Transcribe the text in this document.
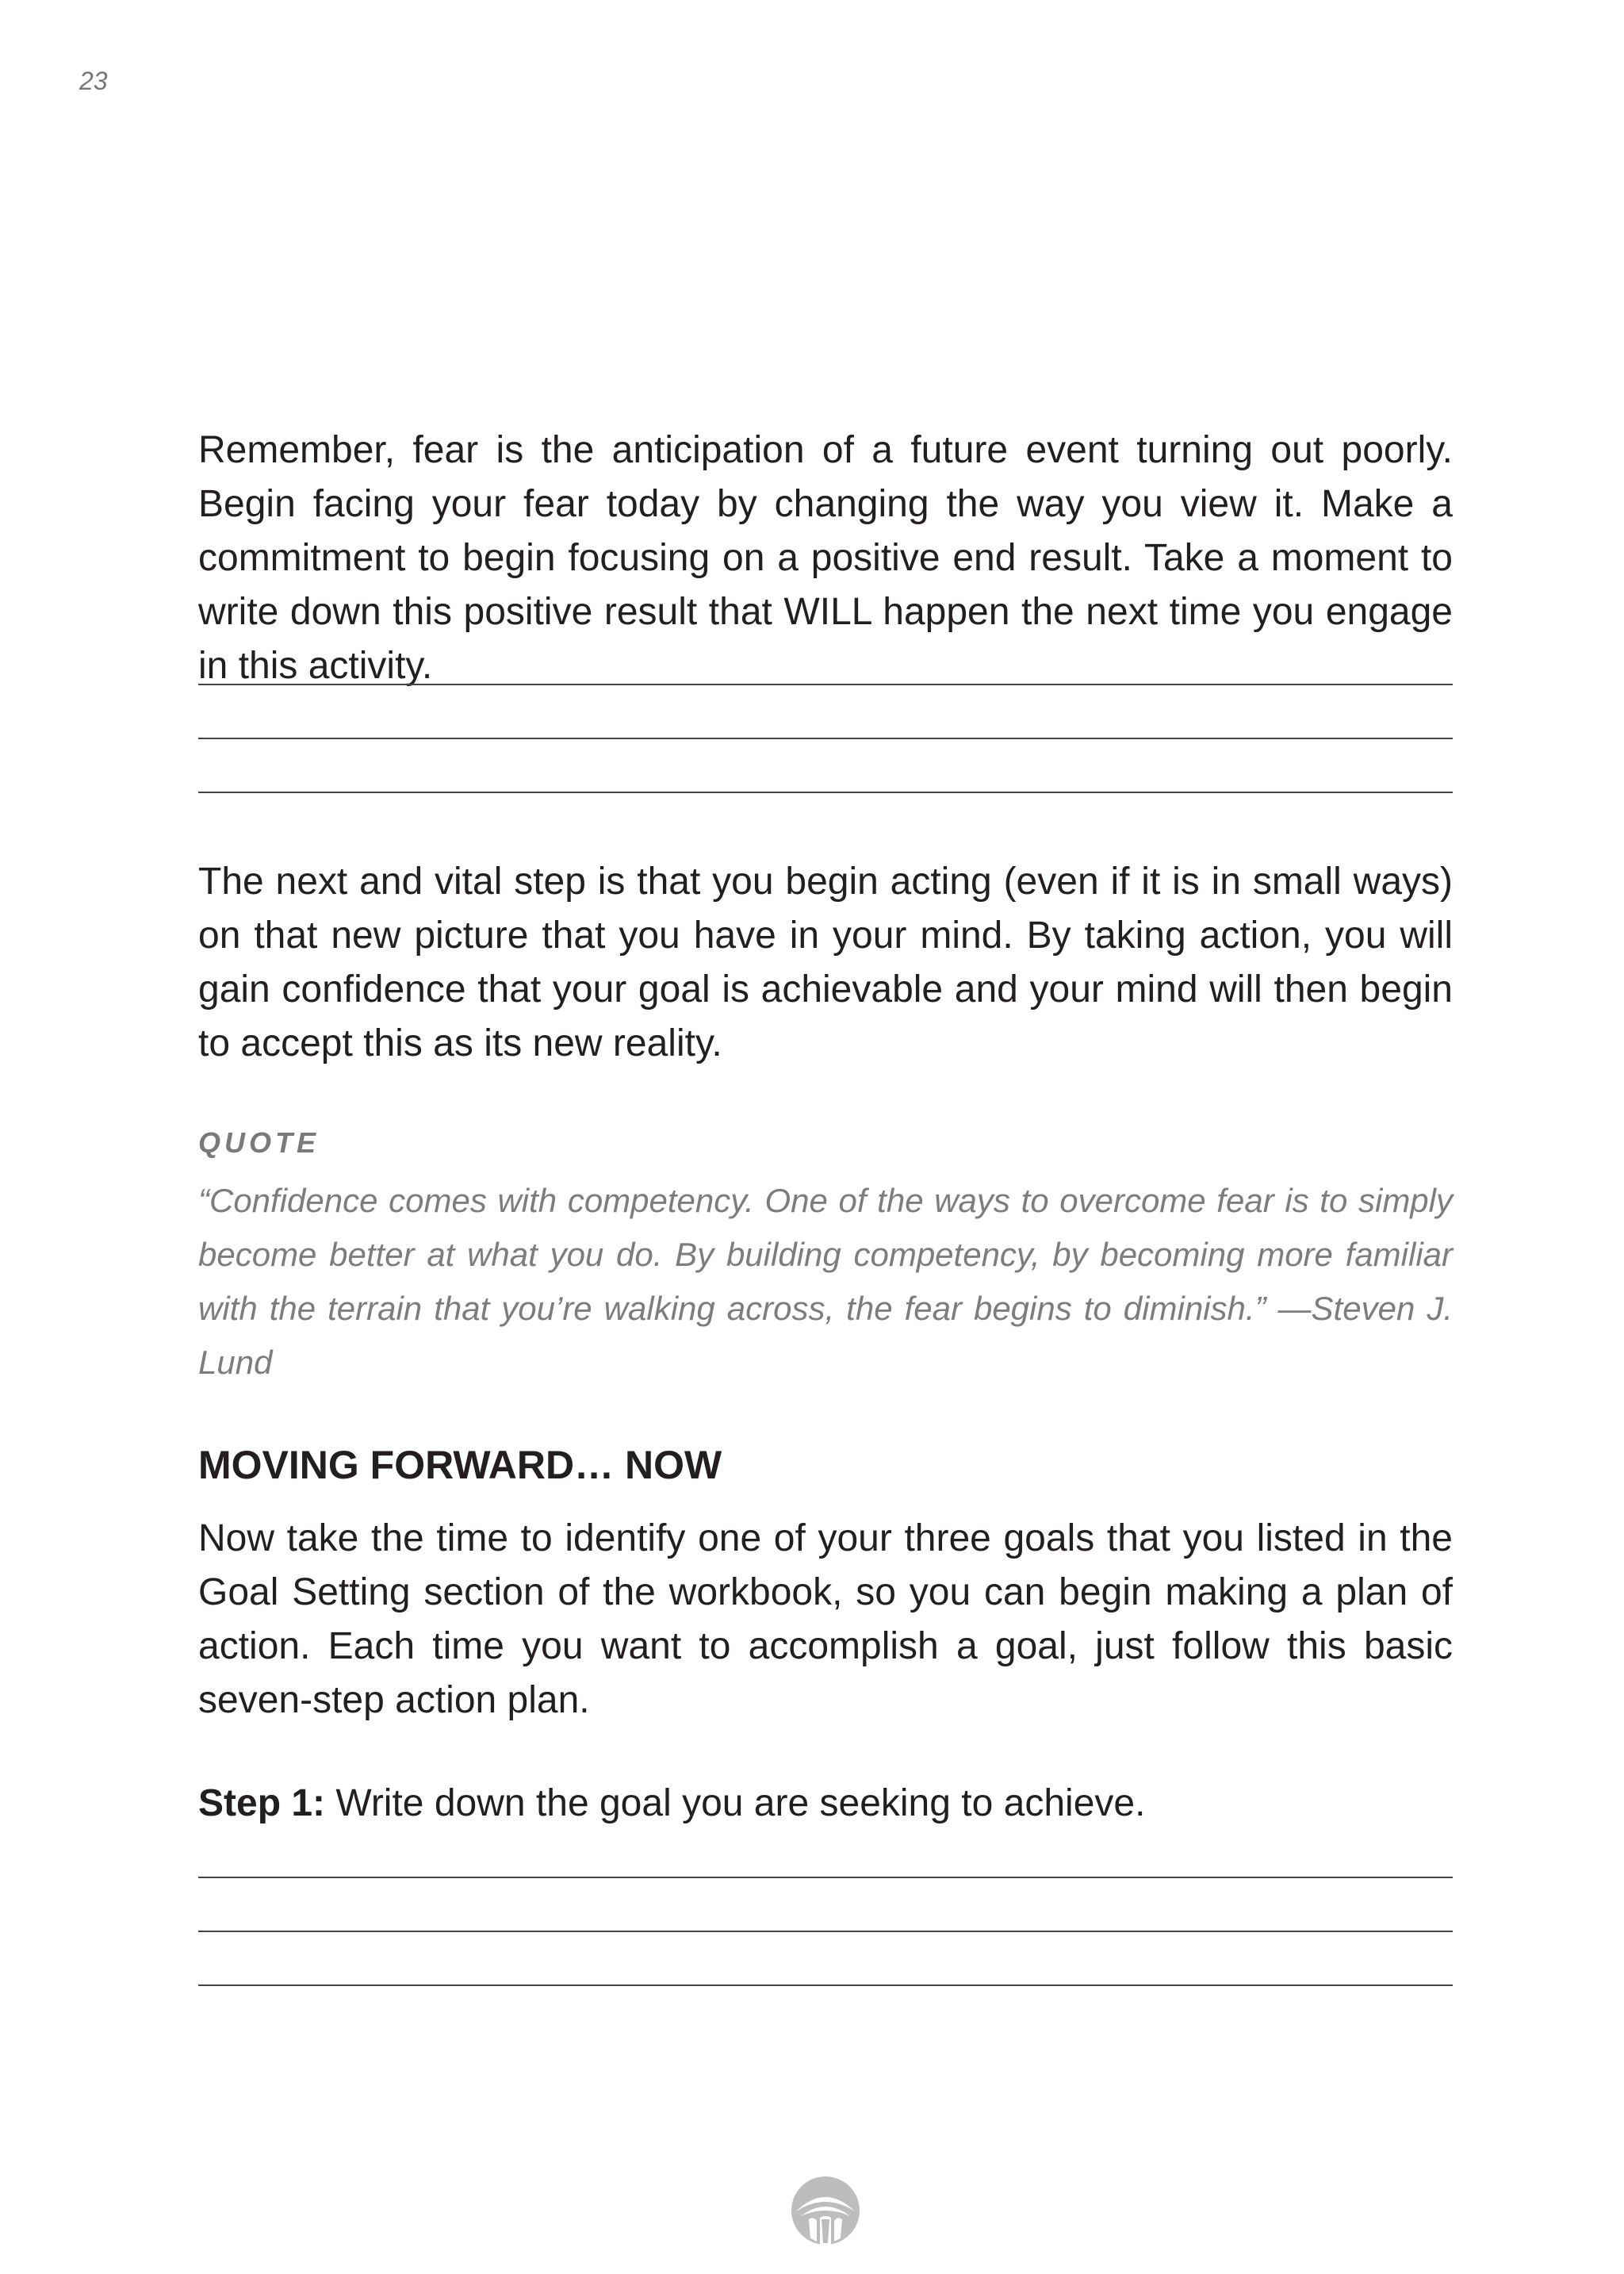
23

Remember, fear is the anticipation of a future event turning out poorly. Begin facing your fear today by changing the way you view it. Make a commitment to begin focusing on a positive end result. Take a moment to write down this positive result that WILL happen the next time you engage in this activity.

The next and vital step is that you begin acting (even if it is in small ways) on that new picture that you have in your mind. By taking action, you will gain confidence that your goal is achievable and your mind will then begin to accept this as its new reality.

QUOTE

“Confidence comes with competency. One of the ways to overcome fear is to simply become better at what you do. By building competency, by becoming more familiar with the terrain that you’re walking across, the fear begins to diminish.” —Steven J. Lund

MOVING FORWARD… NOW

Now take the time to identify one of your three goals that you listed in the Goal Setting section of the workbook, so you can begin making a plan of action. Each time you want to accomplish a goal, just follow this basic seven-step action plan.

Step 1: Write down the goal you are seeking to achieve.
